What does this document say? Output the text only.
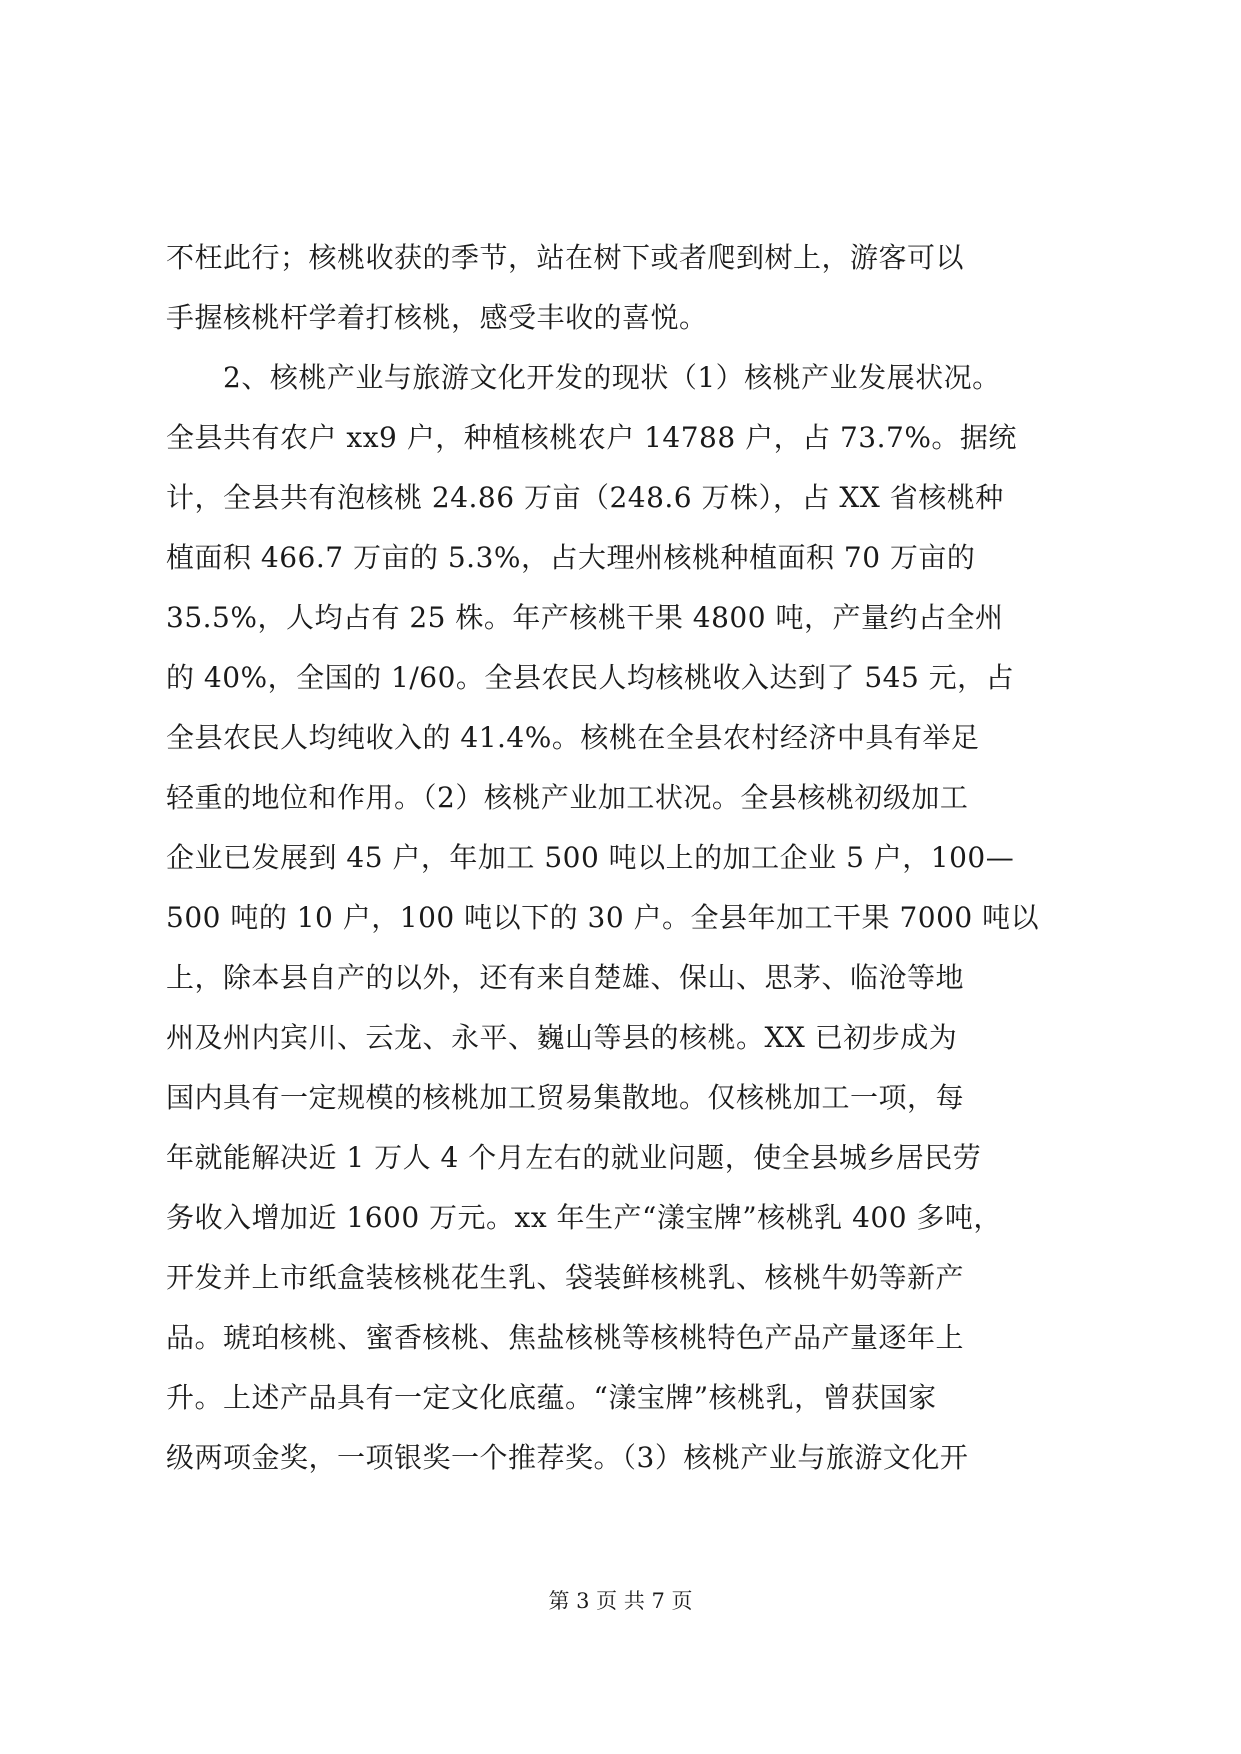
不枉此行；核桃收获的季节，站在树下或者爬到树上，游客可以
手握核桃杆学着打核桃，感受丰收的喜悦。
　　2、核桃产业与旅游文化开发的现状（1）核桃产业发展状况。
全县共有农户 xx9 户，种植核桃农户 14788 户，占 73.7%。据统
计，全县共有泡核桃 24.86 万亩（248.6 万株），占 XX 省核桃种
植面积 466.7 万亩的 5.3%，占大理州核桃种植面积 70 万亩的
35.5%，人均占有 25 株。年产核桃干果 4800 吨，产量约占全州
的 40%，全国的 1/60。全县农民人均核桃收入达到了 545 元，占
全县农民人均纯收入的 41.4%。核桃在全县农村经济中具有举足
轻重的地位和作用。（2）核桃产业加工状况。全县核桃初级加工
企业已发展到 45 户，年加工 500 吨以上的加工企业 5 户，100—
500 吨的 10 户，100 吨以下的 30 户。全县年加工干果 7000 吨以
上，除本县自产的以外，还有来自楚雄、保山、思茅、临沧等地
州及州内宾川、云龙、永平、巍山等县的核桃。XX 已初步成为
国内具有一定规模的核桃加工贸易集散地。仅核桃加工一项，每
年就能解决近 1 万人 4 个月左右的就业问题，使全县城乡居民劳
务收入增加近 1600 万元。xx 年生产“漾宝牌”核桃乳 400 多吨，
开发并上市纸盒装核桃花生乳、袋装鲜核桃乳、核桃牛奶等新产
品。琥珀核桃、蜜香核桃、焦盐核桃等核桃特色产品产量逐年上
升。上述产品具有一定文化底蕴。“漾宝牌”核桃乳，曾获国家
级两项金奖，一项银奖一个推荐奖。（3）核桃产业与旅游文化开
第 3 页 共 7 页
